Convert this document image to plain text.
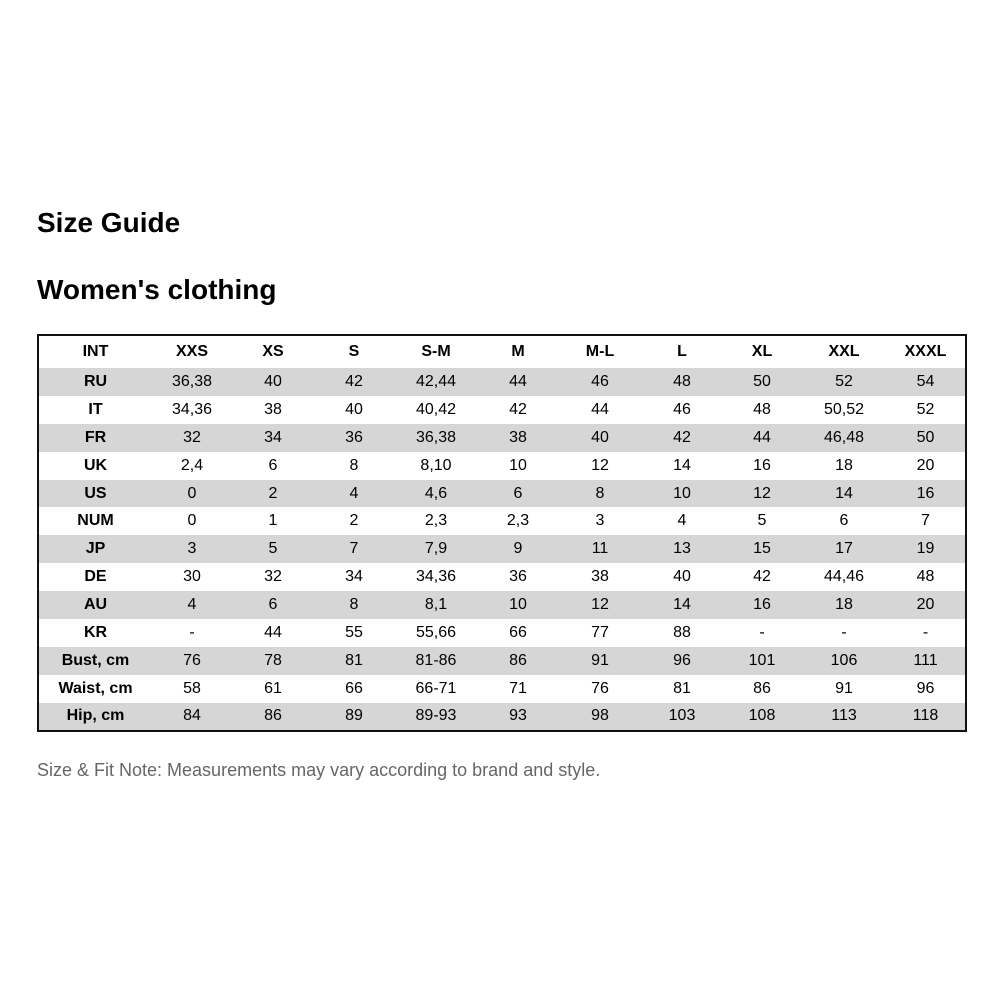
Size Guide
Women's clothing
INT	XXS	XS	S	S-M	M	M-L	L	XL	XXL	XXXL
RU	36,38	40	42	42,44	44	46	48	50	52	54
IT	34,36	38	40	40,42	42	44	46	48	50,52	52
FR	32	34	36	36,38	38	40	42	44	46,48	50
UK	2,4	6	8	8,10	10	12	14	16	18	20
US	0	2	4	4,6	6	8	10	12	14	16
NUM	0	1	2	2,3	2,3	3	4	5	6	7
JP	3	5	7	7,9	9	11	13	15	17	19
DE	30	32	34	34,36	36	38	40	42	44,46	48
AU	4	6	8	8,1	10	12	14	16	18	20
KR	-	44	55	55,66	66	77	88	-	-	-
Bust, cm	76	78	81	81-86	86	91	96	101	106	111
Waist, cm	58	61	66	66-71	71	76	81	86	91	96
Hip, cm	84	86	89	89-93	93	98	103	108	113	118

Size & Fit Note: Measurements may vary according to brand and style.
